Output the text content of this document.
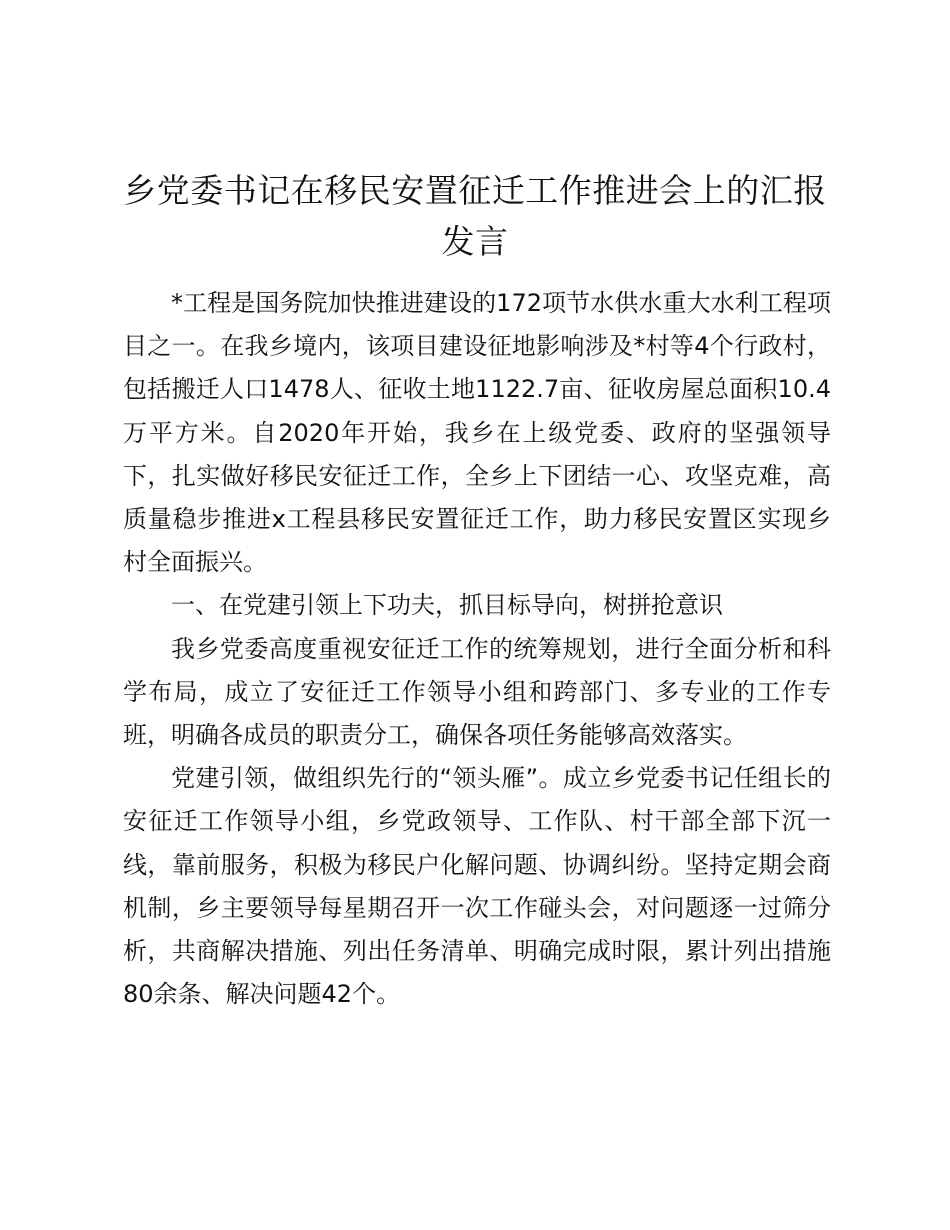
乡党委书记在移民安置征迁工作推进会上的汇报发言

*工程是国务院加快推进建设的172项节水供水重大水利工程项目之一。在我乡境内，该项目建设征地影响涉及*村等4个行政村，包括搬迁人口1478人、征收土地1122.7亩、征收房屋总面积10.4万平方米。自2020年开始，我乡在上级党委、政府的坚强领导下，扎实做好移民安征迁工作，全乡上下团结一心、攻坚克难，高质量稳步推进x工程县移民安置征迁工作，助力移民安置区实现乡村全面振兴。

一、在党建引领上下功夫，抓目标导向，树拼抢意识

我乡党委高度重视安征迁工作的统筹规划，进行全面分析和科学布局，成立了安征迁工作领导小组和跨部门、多专业的工作专班，明确各成员的职责分工，确保各项任务能够高效落实。

党建引领，做组织先行的“领头雁”。成立乡党委书记任组长的安征迁工作领导小组，乡党政领导、工作队、村干部全部下沉一线，靠前服务，积极为移民户化解问题、协调纠纷。坚持定期会商机制，乡主要领导每星期召开一次工作碰头会，对问题逐一过筛分析，共商解决措施、列出任务清单、明确完成时限，累计列出措施80余条、解决问题42个。
